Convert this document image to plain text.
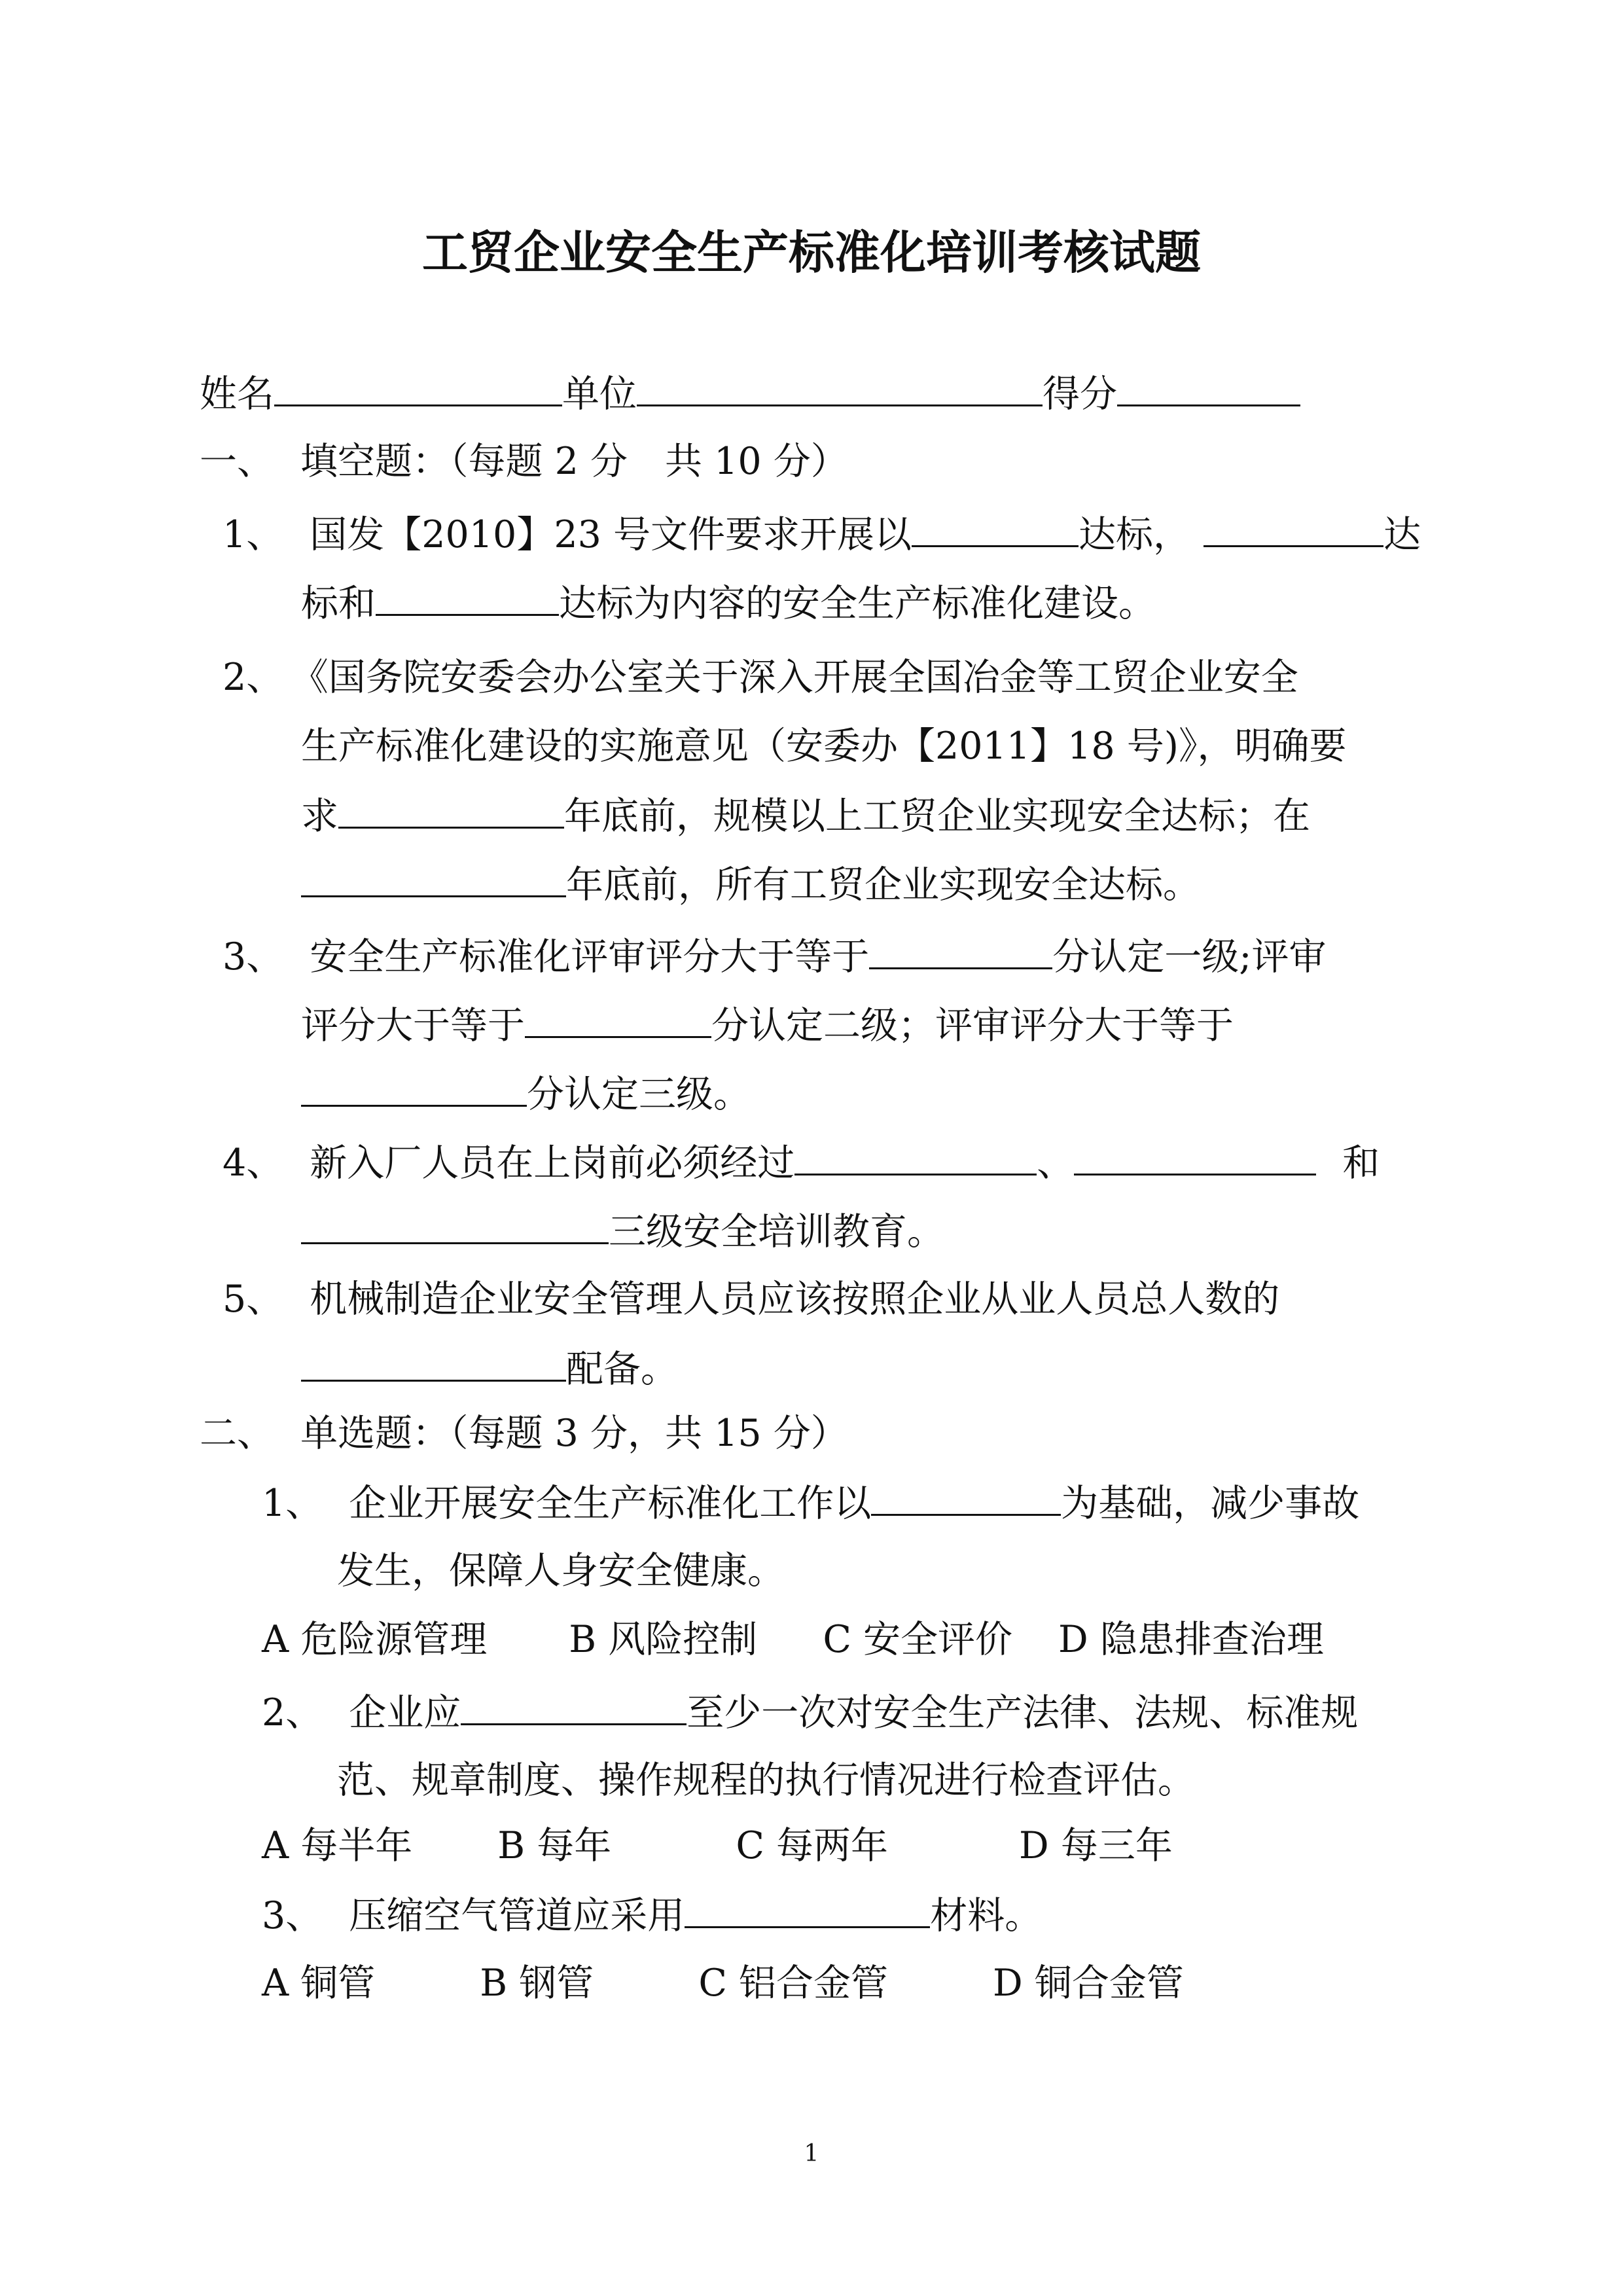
工贸企业安全生产标准化培训考核试题
姓名	单位	得分
一、 填空题：（每题 2 分　共 10 分）
1、 国发【2010】23 号文件要求开展以	达标，	达
标和	达标为内容的安全生产标准化建设。
2、 《国务院安委会办公室关于深入开展全国冶金等工贸企业安全
生产标准化建设的实施意见（安委办【2011】18 号)》，明确要
求	年底前，规模以上工贸企业实现安全达标；在
年底前，所有工贸企业实现安全达标。
3、 安全生产标准化评审评分大于等于	分认定一级;评审
评分大于等于	分认定二级；评审评分大于等于
分认定三级。
4、 新入厂人员在上岗前必须经过	、	和
三级安全培训教育。
5、 机械制造企业安全管理人员应该按照企业从业人员总人数的
配备。
二、 单选题：（每题 3 分，共 15 分）
1、 企业开展安全生产标准化工作以	为基础，减少事故
发生，保障人身安全健康。
A 危险源管理 B 风险控制 C 安全评价 D 隐患排查治理
2、 企业应	至少一次对安全生产法律、法规、标准规
范、规章制度、操作规程的执行情况进行检查评估。
A 每半年 B 每年	C 每两年	D 每三年
3、 压缩空气管道应采用	材料。
A 铜管	B 钢管	C 铝合金管	D 铜合金管
1
